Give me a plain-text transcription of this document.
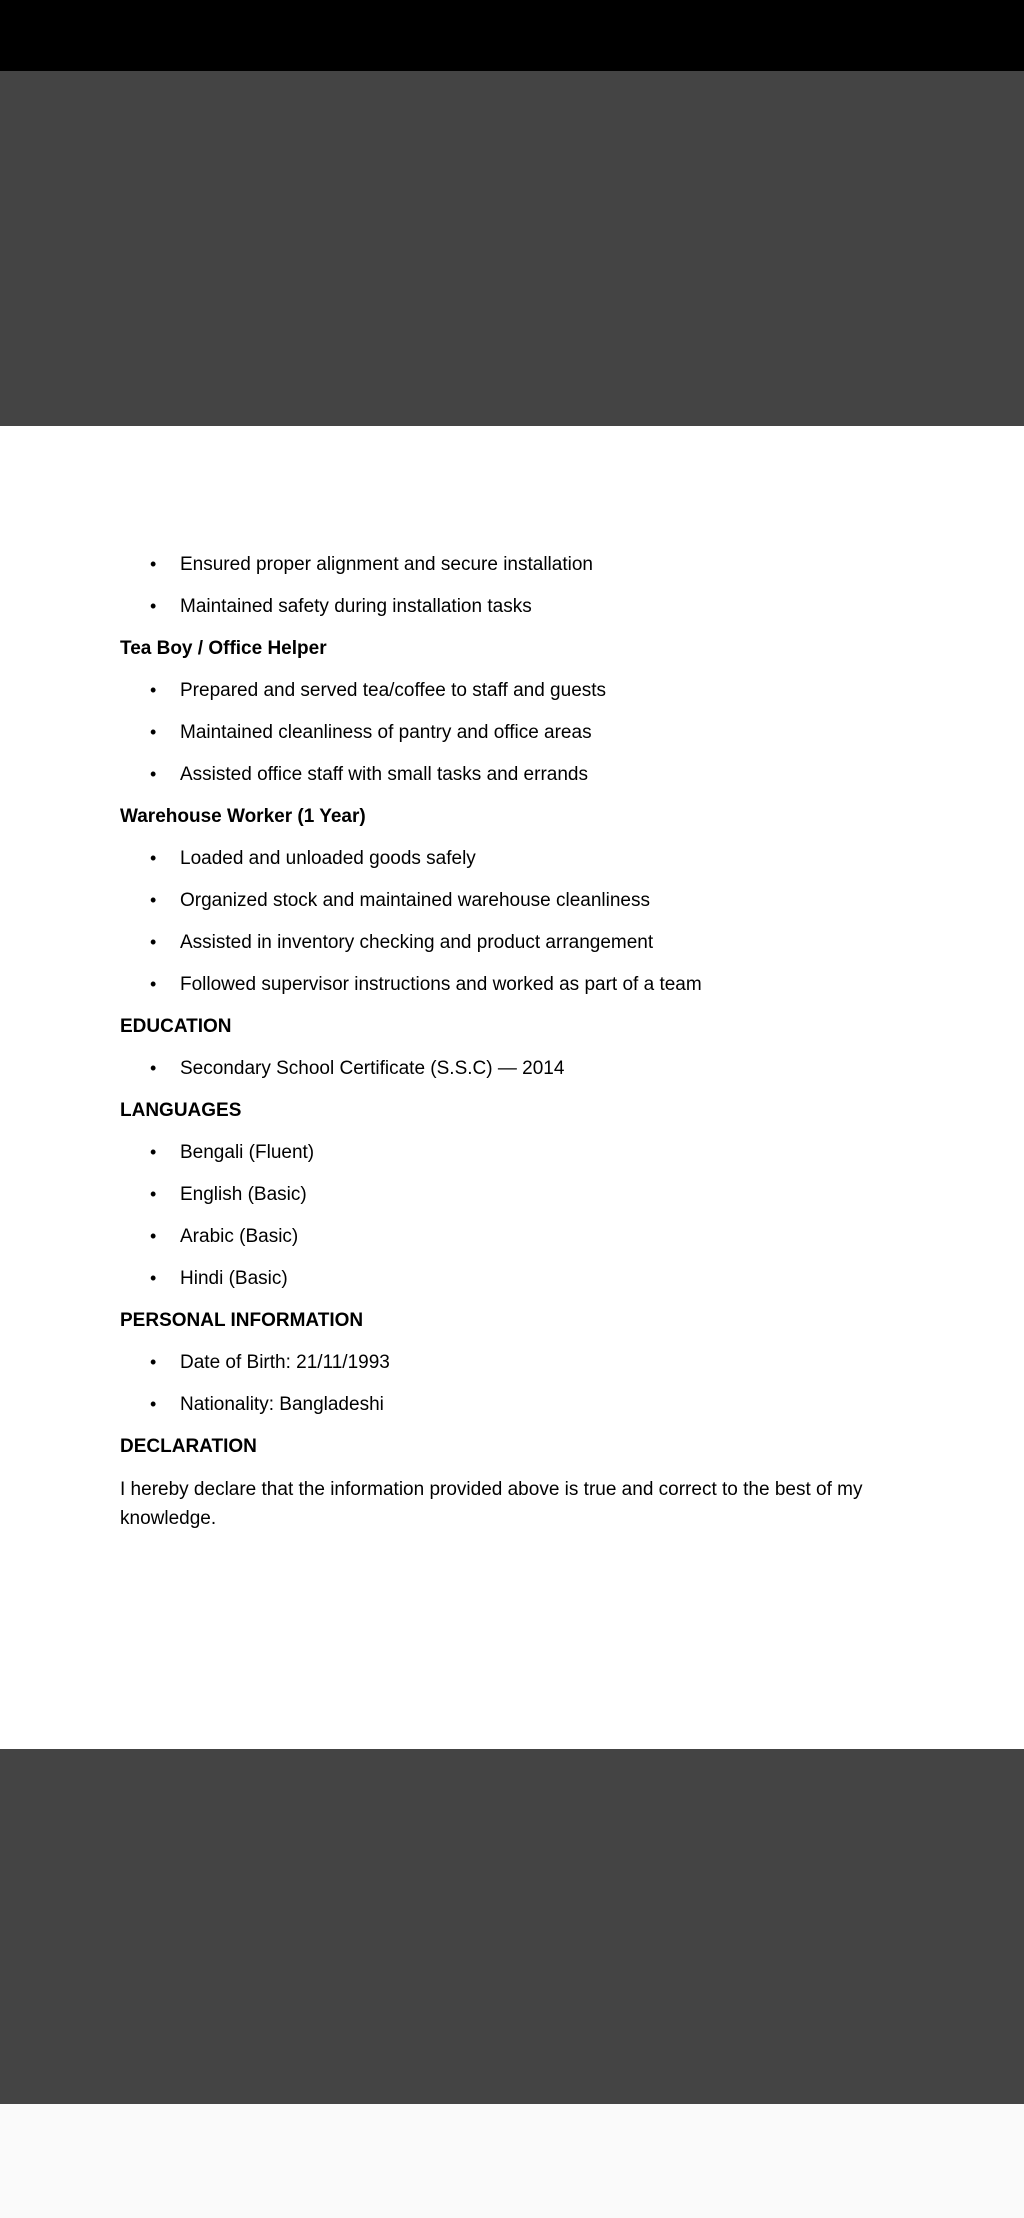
•	Ensured proper alignment and secure installation
•	Maintained safety during installation tasks
Tea Boy / Office Helper
•	Prepared and served tea/coffee to staff and guests
•	Maintained cleanliness of pantry and office areas
•	Assisted office staff with small tasks and errands
Warehouse Worker (1 Year)
•	Loaded and unloaded goods safely
•	Organized stock and maintained warehouse cleanliness
•	Assisted in inventory checking and product arrangement
•	Followed supervisor instructions and worked as part of a team
EDUCATION
•	Secondary School Certificate (S.S.C) — 2014
LANGUAGES
•	Bengali (Fluent)
•	English (Basic)
•	Arabic (Basic)
•	Hindi (Basic)
PERSONAL INFORMATION
•	Date of Birth: 21/11/1993
•	Nationality: Bangladeshi
DECLARATION
I hereby declare that the information provided above is true and correct to the best of my knowledge.
